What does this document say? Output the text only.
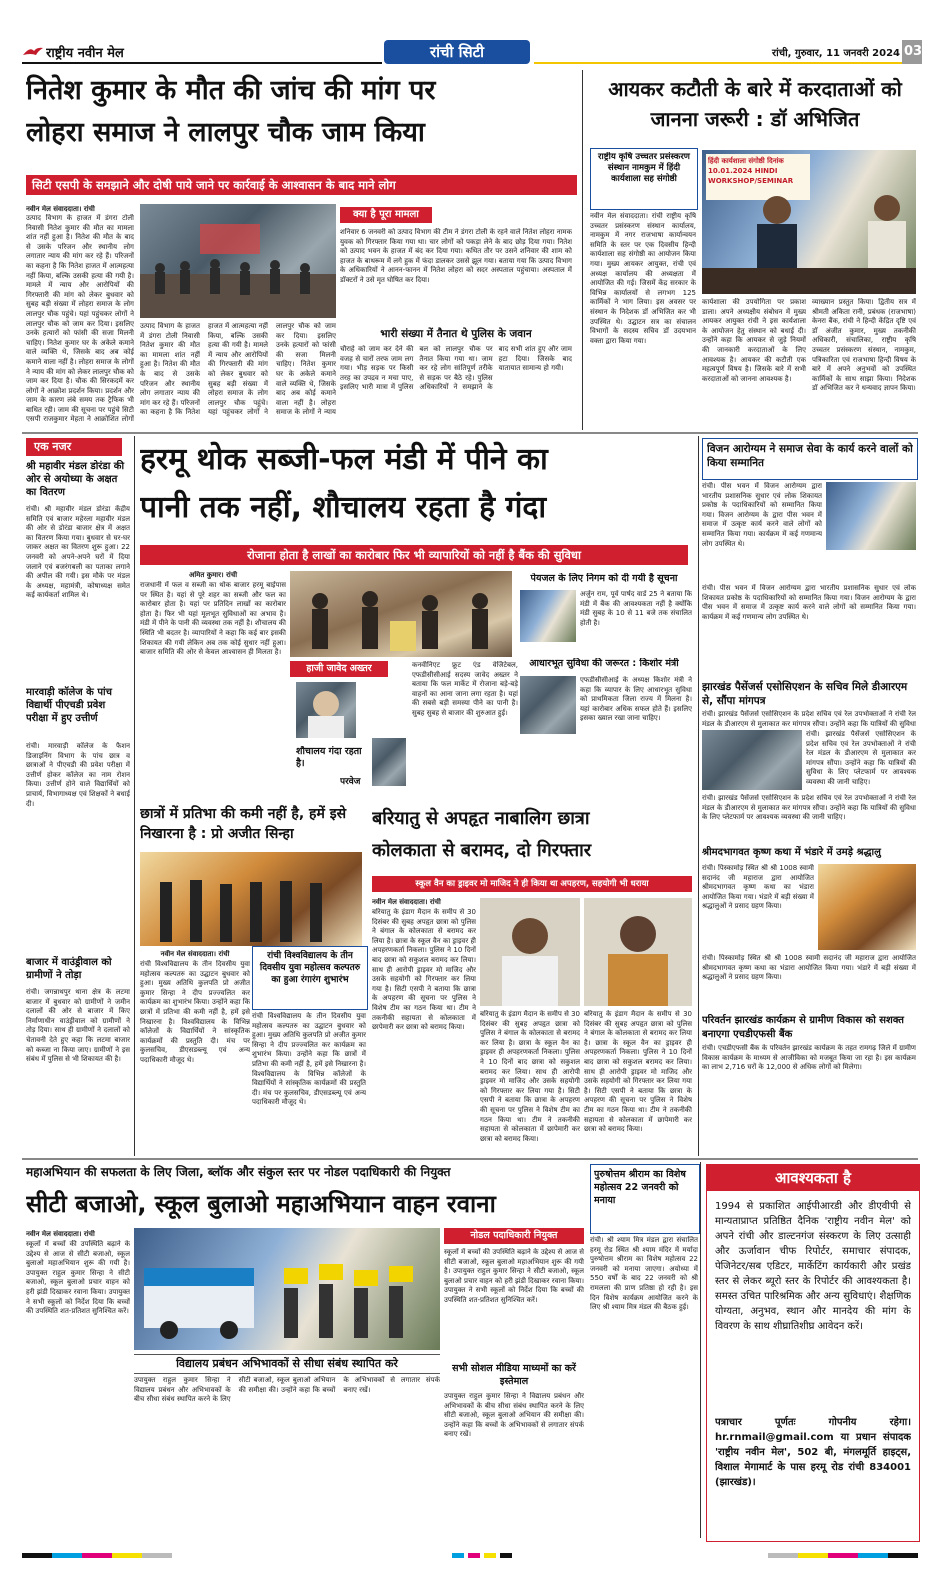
राष्ट्रीय नवीन मेल	रांची सिटी	रांची, गुरुवार, 11 जनवरी 2024 03
नितेश कुमार के मौत की जांच की मांग पर
लोहरा समाज ने लालपुर चौक जाम किया
सिटी एसपी के समझाने और दोषी पाये जाने पर कार्रवाई के आश्वासन के बाद माने लोग
नवीन मेल संवाददाता। रांची
उत्पाद विभाग के हाजत में डंगरा टोली निवासी नितेश कुमार की मौत का मामला शांत नहीं हुआ है। नितेश की मौत के बाद से उसके परिजन और स्थानीय लोग लगातार न्याय की मांग कर रहे हैं। परिजनों का कहना है कि नितेश हाजत में आत्महत्या नहीं किया, बल्कि उसकी हत्या की गयी है। मामले में न्याय और आरोपियों की गिरफ्तारी की मांग को लेकर बुधवार को सुबह बड़ी संख्या में लोहरा समाज के लोग लालपुर चौक पहुंचे। यहां पहुंचकर लोगों ने लालपुर चौक को जाम कर दिया। इसलिए उनके हत्यारों को फांसी की सजा मिलनी चाहिए। नितेश कुमार घर के अकेले कमाने वाले व्यक्ति थे, जिसके बाद अब कोई कमाने वाला नहीं है। लोहरा समाज के लोगों ने न्याय की मांग को लेकर लालपुर चौक को जाम कर दिया है। चौक की सिरकदमें कर लोगों ने आक्रोश प्रदर्शन किया। प्रदर्शन और जाम के कारण लंबे समय तक ट्रैफिक भी बाधित रही। जाम की सूचना पर पहुंचे सिटी एसपी राजकुमार मेहता ने आक्रोशित लोगों
उत्पाद विभाग के हाजत में डंगरा टोली निवासी नितेश कुमार की मौत का मामला शांत नहीं हुआ है। नितेश की मौत के बाद से उसके परिजन और स्थानीय लोग लगातार न्याय की मांग कर रहे हैं। परिजनों का कहना है कि नितेश हाजत में आत्महत्या नहीं किया, बल्कि उसकी हत्या की गयी है। मामले में न्याय और आरोपियों की गिरफ्तारी की मांग को लेकर बुधवार को सुबह बड़ी संख्या में लोहरा समाज के लोग लालपुर चौक पहुंचे। यहां पहुंचकर लोगों ने लालपुर चौक को जाम कर दिया। इसलिए उनके हत्यारों को फांसी की सजा मिलनी चाहिए। नितेश कुमार घर के अकेले कमाने वाले व्यक्ति थे, जिसके बाद अब कोई कमाने वाला नहीं है। लोहरा समाज के लोगों ने न्याय
क्या है पूरा मामला
शनिवार 6 जनवरी को उत्पाद विभाग की टीम ने डंगरा टोली के रहने वाले नितेश लोहरा नामक युवक को गिरफ्तार किया गया था। चार लोगों को पकड़ा लेने के बाद छोड़ दिया गया। नितेश को उत्पाद भवन के हाजत में बंद कर दिया गया। कथित तौर पर उसने शनिवार की शाम को हाजत के बाथरूम में लगे हुक में फंदा डालकर उससे झूल गया। बताया गया कि उत्पाद विभाग के अधिकारियों ने आनन-फानन में नितेश लोहरा को सदर अस्पताल पहुंचाया। अस्पताल में डॉक्टरों ने उसे मृत घोषित कर दिया।
भारी संख्या में तैनात थे पुलिस के जवान
चौराहे को जाम कर देने की वजह से चारों तरफ जाम लग गया। भीड़ सड़क पर किसी तरह का उपद्रव न मचा पाए, इसलिए भारी मात्रा में पुलिस बल को लालपुर चौक पर तैनात किया गया था। जाम कर रहे लोग सांतिपूर्ण तरीके से सड़क पर बैठे रहे। पुलिस अधिकारियों ने समझाने के बाद सभी शांत हुए और जाम हटा दिया। जिसके बाद यातायात सामान्य हो गयी।
आयकर कटौती के बारे में करदाताओं को जानना जरूरी : डॉ अभिजित
राष्ट्रीय कृषि उच्चतर प्रसंस्करण संस्थान नामकुम में हिंदी कार्यशाला सह संगोष्ठी
हिंदी कार्यशाला संगोष्ठी दिनांक 10.01.2024 HINDI WORKSHOP/SEMINAR
नवीन मेल संवाददाता। रांची राष्ट्रीय कृषि उच्चतर प्रसंस्करण संस्थान कार्यालय, नामकुम में नगर राजभाषा कार्यान्वयन समिति के स्तर पर एक दिवसीय हिन्दी कार्यशाला सह संगोष्ठी का आयोजन किया गया। मुख्य आयकर आयुक्त, रांची एवं अध्यक्ष कार्यालय की अध्यक्षता में आयोजित की गई। जिसमें केंद्र सरकार के विभिन्न कार्यालयों से लगभग 125 कार्मिकों ने भाग लिया। इस अवसर पर संस्थान के निदेशक डॉ अभिजित कर भी उपस्थित थे। उद्घाटन सत्र का संचालन विभागों के सदस्य सचिव डॉ उदयभान वक्ता द्वारा किया गया।
कार्यशाला की उपयोगिता पर प्रकाश डाला। अपने अध्यक्षीय संबोधन में मुख्य आयकर आयुक्त रांची ने इस कार्यशाला के आयोजन हेतु संस्थान को बधाई दी। उन्होंने कहा कि आयकर से जुड़े नियमों की जानकारी करदाताओं के लिए आवश्यक है। आयकर की कटौती एक महत्वपूर्ण विषय है। जिसके बारे में सभी करदाताओं को जानना आवश्यक है।
व्याख्यान प्रस्तुत किया। द्वितीय सत्र में श्रीमती अकिता रानी, प्रबंधक (राजभाषा) केनरा बैंक, रांची ने हिन्दी केंद्रित दृष्टि एवं डॉ अंजीत कुमार, मुख्य तकनीकी अधिकारी, संचालिका, राष्ट्रीय कृषि उच्चतर प्रसंस्करण संस्थान, नामकुम, पत्रिकारिता एवं राजभाषा हिन्दी विषय के बारे में अपने अनुभवों को उपस्थित कार्मिकों के साथ साझा किया। निदेशक डॉ अभिजित कर ने धन्यवाद ज्ञापन किया।
एक नजर
श्री महावीर मंडल डोरंडा की ओर से अयोध्या के अक्षत का वितरण
रांची। श्री महावीर मंडल डोरंडा केंद्रीय समिति एवं बाजार महेरला महावीर मंडल की ओर से डोरंडा बाजार क्षेत्र में अक्षत का वितरण किया गया। बुधवार से घर-घर जाकर अक्षत का वितरण शुरू हुआ। 22 जनवरी को अपने-अपने घरों में दिया जलाने एवं बजरंगबली का पताका लगाने की अपील की गयी। इस मौके पर मंडल के अध्यक्ष, महामंत्री, कोषाध्यक्ष समेत कई कार्यकर्ता शामिल थे।
मारवाड़ी कॉलेज के पांच विद्यार्थी पीएचडी प्रवेश परीक्षा में हुए उत्तीर्ण
रांची। मारवाड़ी कॉलेज के फैशन डिजाइनिंग विभाग के पांच छात्र व छात्राओं ने पीएचडी की प्रवेश परीक्षा में उत्तीर्ण होकर कॉलेज का नाम रोशन किया। उत्तीर्ण होने वाले विद्यार्थियों को प्राचार्य, विभागाध्यक्ष एवं शिक्षकों ने बधाई दी।
बाजार में वाउंड्रीवाल को ग्रामीणों ने तोड़ा
रांची। जगन्नाथपुर थाना क्षेत्र के लटमा बाजार में बुधवार को ग्रामीणों ने जमीन दलालों की ओर से बाजार में किए निर्माणाधीन वाउंड्रीवाल को ग्रामीणों ने तोड़ दिया। साथ ही ग्रामीणों ने दलालों को चेतावनी देते हुए कहा कि लटमा बाजार को कब्जा ना किया जाए। ग्रामीणों ने इस संबंध में पुलिस से भी शिकायत की है।
हरमू थोक सब्जी-फल मंडी में पीने का
पानी तक नहीं, शौचालय रहता है गंदा
रोजाना होता है लाखों का कारोबार फिर भी व्यापारियों को नहीं है बैंक की सुविधा
अमित कुमार। रांची
राजधानी में फल व सब्जी का थोक बाजार हरमू बाईपास पर स्थित है। यहां से पूरे शहर का सब्जी और फल का कारोबार होता है। यहां पर प्रतिदिन लाखों का कारोबार होता है। फिर भी यहां मूलभूत सुविधाओं का अभाव है। मंडी में पीने के पानी की व्यवस्था तक नहीं है। शौचालय की स्थिति भी बदतर है। व्यापारियों ने कहा कि कई बार इसकी शिकायत की गयी लेकिन अब तक कोई सुधार नहीं हुआ। बाजार समिति की ओर से केवल आश्वासन ही मिलता है।
हाजी जावेद अख्तर
शौचालय गंदा रहता है।
परवेज
कनवीनिएट फ्रूट एंड वेजिटेबल, एफडीसीसीआई सदस्य जावेद अख्तर ने बताया कि फल मार्केट में रोजाना बड़े-बड़े वाहनों का आना जाना लगा रहता है। यहां की सबसे बड़ी समस्या पीने का पानी है। सुबह सुबह से बाजार की शुरुआत हुई।
पेयजल के लिए निगम को दी गयी है सूचना
अर्जुन राम, पूर्व पार्षद वार्ड 25 ने बताया कि मंडी में बैंक की आवश्यकता नहीं है क्योंकि मंडी सुबह के 10 से 11 बजे तक संचालित होती है।
आधारभूत सुविधा की जरूरत : किशोर मंत्री
एफडीसीसीआई के अध्यक्ष किशोर मंत्री ने कहा कि व्यापार के लिए आधारभूत सुविधा को प्राथमिकता जिला राज्य में मिलना है। यहां कारोबार अधिक सफल होते हैं। इसलिए इसका ख्याल रखा जाना चाहिए।
छात्रों में प्रतिभा की कमी नहीं है, हमें इसे निखारना है : प्रो अजीत सिन्हा
रांची विश्वविद्यालय के तीन दिवसीय युवा महोत्सव कल्पतरु का हुआ रंगारंग शुभारंभ
नवीन मेल संवाददाता। रांची
रांची विश्वविद्यालय के तीन दिवसीय युवा महोत्सव कल्पतरु का उद्घाटन बुधवार को हुआ। मुख्य अतिथि कुलपति प्रो अजीत कुमार सिन्हा ने दीप प्रज्ज्वलित कर कार्यक्रम का शुभारंभ किया। उन्होंने कहा कि छात्रों में प्रतिभा की कमी नहीं है, हमें इसे निखारना है। विश्वविद्यालय के विभिन्न कॉलेजों के विद्यार्थियों ने सांस्कृतिक कार्यक्रमों की प्रस्तुति दी। मंच पर कुलसचिव, डीएसडब्ल्यू एवं अन्य पदाधिकारी मौजूद थे।
रांची विश्वविद्यालय के तीन दिवसीय युवा महोत्सव कल्पतरु का उद्घाटन बुधवार को हुआ। मुख्य अतिथि कुलपति प्रो अजीत कुमार सिन्हा ने दीप प्रज्ज्वलित कर कार्यक्रम का शुभारंभ किया। उन्होंने कहा कि छात्रों में प्रतिभा की कमी नहीं है, हमें इसे निखारना है। विश्वविद्यालय के विभिन्न कॉलेजों के विद्यार्थियों ने सांस्कृतिक कार्यक्रमों की प्रस्तुति दी। मंच पर कुलसचिव, डीएसडब्ल्यू एवं अन्य पदाधिकारी मौजूद थे।
बरियातु से अपहृत नाबालिग छात्रा
कोलकाता से बरामद, दो गिरफ्तार
स्कूल वैन का ड्राइवर मो माजिद ने ही किया था अपहरण, सहयोगी भी धराया
नवीन मेल संवाददाता। रांची
बरियातु के इंडाग मैदान के समीप से 30 दिसंबर की सुबह अपहृत छात्रा को पुलिस ने बंगाल के कोलकाता से बरामद कर लिया है। छात्रा के स्कूल वैन का ड्राइवर ही अपहरणकर्ता निकला। पुलिस ने 10 दिनों बाद छात्रा को सकुशल बरामद कर लिया। साथ ही आरोपी ड्राइवर मो माजिद और उसके सहयोगी को गिरफ्तार कर लिया गया है। सिटी एसपी ने बताया कि छात्रा के अपहरण की सूचना पर पुलिस ने विशेष टीम का गठन किया था। टीम ने तकनीकी सहायता से कोलकाता में छापेमारी कर छात्रा को बरामद किया।
बरियातु के इंडाग मैदान के समीप से 30 दिसंबर की सुबह अपहृत छात्रा को पुलिस ने बंगाल के कोलकाता से बरामद कर लिया है। छात्रा के स्कूल वैन का ड्राइवर ही अपहरणकर्ता निकला। पुलिस ने 10 दिनों बाद छात्रा को सकुशल बरामद कर लिया। साथ ही आरोपी ड्राइवर मो माजिद और उसके सहयोगी को गिरफ्तार कर लिया गया है। सिटी एसपी ने बताया कि छात्रा के अपहरण की सूचना पर पुलिस ने विशेष टीम का गठन किया था। टीम ने तकनीकी सहायता से कोलकाता में छापेमारी कर छात्रा को बरामद किया।
बरियातु के इंडाग मैदान के समीप से 30 दिसंबर की सुबह अपहृत छात्रा को पुलिस ने बंगाल के कोलकाता से बरामद कर लिया है। छात्रा के स्कूल वैन का ड्राइवर ही अपहरणकर्ता निकला। पुलिस ने 10 दिनों बाद छात्रा को सकुशल बरामद कर लिया। साथ ही आरोपी ड्राइवर मो माजिद और उसके सहयोगी को गिरफ्तार कर लिया गया है। सिटी एसपी ने बताया कि छात्रा के अपहरण की सूचना पर पुलिस ने विशेष टीम का गठन किया था। टीम ने तकनीकी सहायता से कोलकाता में छापेमारी कर छात्रा को बरामद किया।
विजन आरोग्यम ने समाज सेवा के कार्य करने वालों को किया सम्मानित
रांची। पीस भवन में विजन आरोग्यम द्वारा भारतीय प्रशासनिक सुधार एवं लोक शिकायत प्रकोष्ठ के पदाधिकारियों को सम्मानित किया गया। विजन आरोग्यम के द्वारा पीस भवन में समाज में उत्कृष्ट कार्य करने वाले लोगों को सम्मानित किया गया। कार्यक्रम में कई गणमान्य लोग उपस्थित थे।
रांची। पीस भवन में विजन आरोग्यम द्वारा भारतीय प्रशासनिक सुधार एवं लोक शिकायत प्रकोष्ठ के पदाधिकारियों को सम्मानित किया गया। विजन आरोग्यम के द्वारा पीस भवन में समाज में उत्कृष्ट कार्य करने वाले लोगों को सम्मानित किया गया। कार्यक्रम में कई गणमान्य लोग उपस्थित थे।
झारखंड पैसेंजर्स एसोसिएशन के सचिव मिले डीआरएम से, सौंपा मांगपत्र
रांची। झारखंड पैसेंजर्स एसोसिएशन के प्रदेश सचिव एवं रेल उपभोक्ताओं ने रांची रेल मंडल के डीआरएम से मुलाकात कर मांगपत्र सौंपा। उन्होंने कहा कि यात्रियों की सुविधा
रांची। झारखंड पैसेंजर्स एसोसिएशन के प्रदेश सचिव एवं रेल उपभोक्ताओं ने रांची रेल मंडल के डीआरएम से मुलाकात कर मांगपत्र सौंपा। उन्होंने कहा कि यात्रियों की सुविधा के लिए प्लेटफार्म पर आवश्यक व्यवस्था की जानी चाहिए।
रांची। झारखंड पैसेंजर्स एसोसिएशन के प्रदेश सचिव एवं रेल उपभोक्ताओं ने रांची रेल मंडल के डीआरएम से मुलाकात कर मांगपत्र सौंपा। उन्होंने कहा कि यात्रियों की सुविधा के लिए प्लेटफार्म पर आवश्यक व्यवस्था की जानी चाहिए।
श्रीमदभागवत कृष्ण कथा में भंडारे में उमड़े श्रद्धालु
रांची। पिस्कामोड़ स्थित श्री श्री 1008 स्वामी सदानंद जी महाराज द्वारा आयोजित श्रीमदभागवत कृष्ण कथा का भंडारा आयोजित किया गया। भंडारे में बड़ी संख्या में श्रद्धालुओं ने प्रसाद ग्रहण किया।
रांची। पिस्कामोड़ स्थित श्री श्री 1008 स्वामी सदानंद जी महाराज द्वारा आयोजित श्रीमदभागवत कृष्ण कथा का भंडारा आयोजित किया गया। भंडारे में बड़ी संख्या में श्रद्धालुओं ने प्रसाद ग्रहण किया।
परिवर्तन झारखंड कार्यक्रम से ग्रामीण विकास को सशक्त बनाएगा एचडीएफसी बैंक
रांची। एचडीएफसी बैंक के परिवर्तन झारखंड कार्यक्रम के तहत रामगढ़ जिले में ग्रामीण विकास कार्यक्रम के माध्यम से आजीविका को मजबूत किया जा रहा है। इस कार्यक्रम का लाभ 2,716 घरों के 12,000 से अधिक लोगों को मिलेगा।
महाअभियान की सफलता के लिए जिला, ब्लॉक और संकुल स्तर पर नोडल पदाधिकारी की नियुक्त
सीटी बजाओ, स्कूल बुलाओ महाअभियान वाहन रवाना
पुरुषोत्तम श्रीराम का विशेष महोत्सव 22 जनवरी को मनाया
रांची। श्री श्याम मित्र मंडल द्वारा संचालित हरमू रोड स्थित श्री श्याम मंदिर में मर्यादा पुरुषोत्तम श्रीराम का विशेष महोत्सव 22 जनवरी को मनाया जाएगा। अयोध्या में 550 वर्षों के बाद 22 जनवरी को श्री रामलला की प्राण प्रतिष्ठा हो रही है। इस दिन विशेष कार्यक्रम आयोजित करने के लिए श्री श्याम मित्र मंडल की बैठक हुई।
नवीन मेल संवाददाता। रांची
स्कूलों में बच्चों की उपस्थिति बढ़ाने के उद्देश्य से आज से सीटी बजाओ, स्कूल बुलाओ महाअभियान शुरू की गयी है। उपायुक्त राहुल कुमार सिन्हा ने सीटी बजाओ, स्कूल बुलाओ प्रचार वाहन को हरी झंडी दिखाकर रवाना किया। उपायुक्त ने सभी स्कूलों को निर्देश दिया कि बच्चों की उपस्थिति शत-प्रतिशत सुनिश्चित करें।
नोडल पदाधिकारी नियुक्त
स्कूलों में बच्चों की उपस्थिति बढ़ाने के उद्देश्य से आज से सीटी बजाओ, स्कूल बुलाओ महाअभियान शुरू की गयी है। उपायुक्त राहुल कुमार सिन्हा ने सीटी बजाओ, स्कूल बुलाओ प्रचार वाहन को हरी झंडी दिखाकर रवाना किया। उपायुक्त ने सभी स्कूलों को निर्देश दिया कि बच्चों की उपस्थिति शत-प्रतिशत सुनिश्चित करें।
सभी सोशल मीडिया माध्यमों का करें इस्तेमाल
उपायुक्त राहुल कुमार सिन्हा ने विद्यालय प्रबंधन और अभिभावकों के बीच सीधा संबंध स्थापित करने के लिए सीटी बजाओ, स्कूल बुलाओ अभियान की समीक्षा की। उन्होंने कहा कि बच्चों के अभिभावकों से लगातार संपर्क बनाए रखें।
विद्यालय प्रबंधन अभिभावकों से सीधा संबंध स्थापित करे
उपायुक्त राहुल कुमार सिन्हा ने विद्यालय प्रबंधन और अभिभावकों के बीच सीधा संबंध स्थापित करने के लिए सीटी बजाओ, स्कूल बुलाओ अभियान की समीक्षा की। उन्होंने कहा कि बच्चों के अभिभावकों से लगातार संपर्क बनाए रखें।
आवश्यकता है
1994 से प्रकाशित आईपीआरडी और डीएवीपी से मान्यताप्राप्त प्रतिष्ठित दैनिक 'राष्ट्रीय नवीन मेल' को अपने रांची और डाल्टनगंज संस्करण के लिए उत्साही और ऊर्जावान चीफ रिपोर्टर, समाचार संपादक, पेजिनेटर/सब एडिटर, मार्केटिंग कार्यकारी और प्रखंड स्तर से लेकर ब्यूरो स्तर के रिपोर्टर की आवश्यकता है। समस्त उचित पारिश्रमिक और अन्य सुविधाएं। शैक्षणिक योग्यता, अनुभव, स्थान और मानदेय की मांग के विवरण के साथ शीघ्रातिशीघ्र आवेदन करें।
पत्राचार पूर्णतः गोपनीय रहेगा। hr.rnmail@gmail.com या प्रधान संपादक 'राष्ट्रीय नवीन मेल', 502 बी, मंगलमूर्ति हाइट्स, विशाल मेगामार्ट के पास हरमू रोड रांची 834001 (झारखंड)।
